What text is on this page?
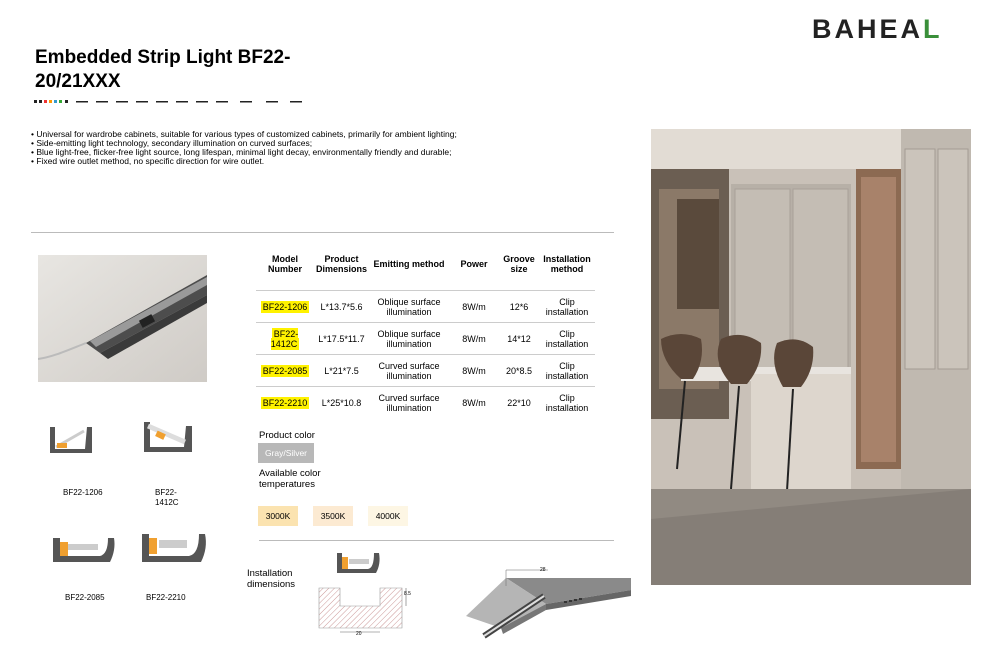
BAHEAL
Embedded Strip Light BF22-20/21XXX
• Universal for wardrobe cabinets, suitable for various types of customized cabinets, primarily for ambient lighting;
• Side-emitting light technology, secondary illumination on curved surfaces;
• Blue light-free, flicker-free light source, long lifespan, minimal light decay, environmentally friendly and durable;
• Fixed wire outlet method, no specific direction for wire outlet.
BF22-1206	BF22-1412C
BF22-2085	BF22-2210
Model Number	Product Dimensions	Emitting method	Power	Groove size	Installation method
BF22-1206	L*13.7*5.6	Oblique surface illumination	8W/m	12*6	Clip installation
BF22-1412C	L*17.5*11.7	Oblique surface illumination	8W/m	14*12	Clip installation
BF22-2085	L*21*7.5	Curved surface illumination	8W/m	20*8.5	Clip installation
BF22-2210	L*25*10.8	Curved surface illumination	8W/m	22*10	Clip installation
Product color
Gray/Silver
Available color temperatures
3000K	3500K	4000K
Installation dimensions
20
8.5
28
